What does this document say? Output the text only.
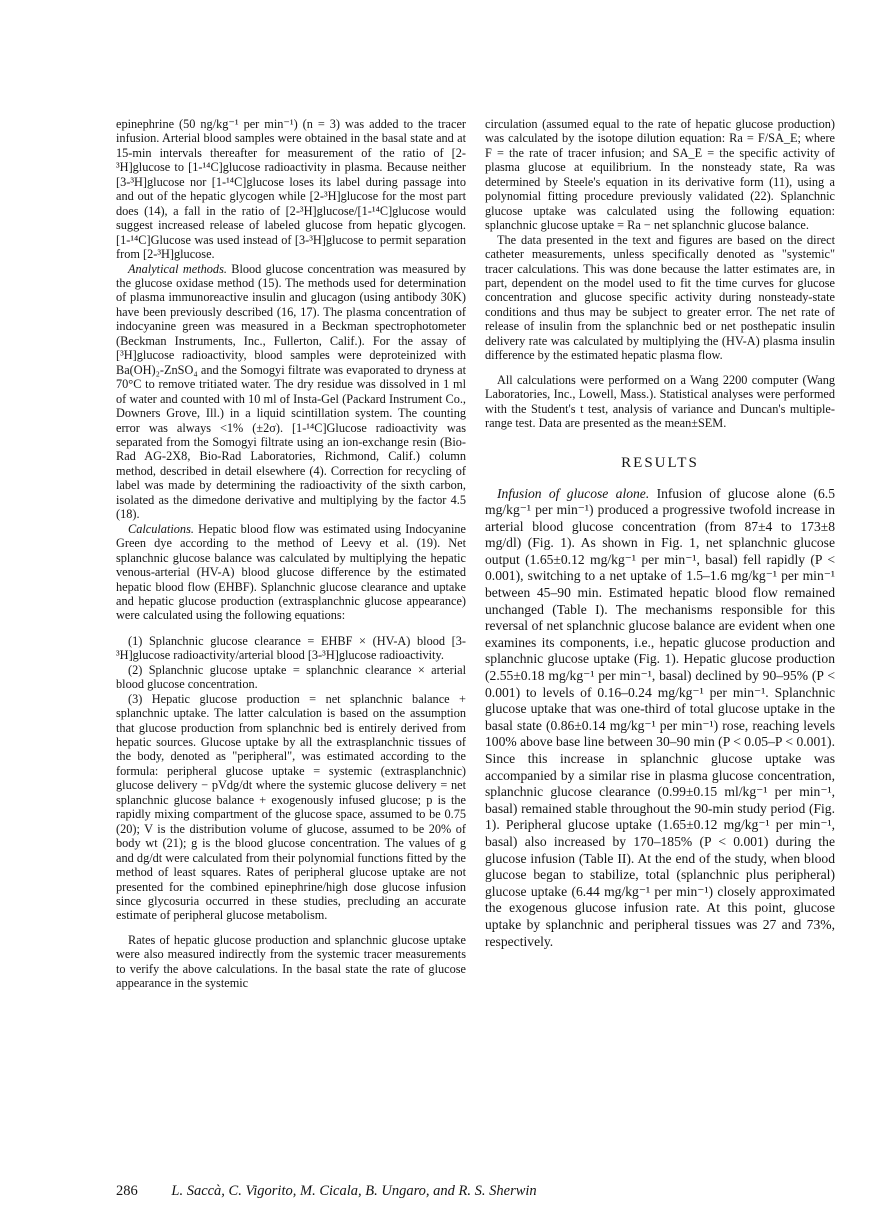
epinephrine (50 ng/kg⁻¹ per min⁻¹) (n = 3) was added to the tracer infusion. Arterial blood samples were obtained in the basal state and at 15-min intervals thereafter for measurement of the ratio of [2-³H]glucose to [1-¹⁴C]glucose radioactivity in plasma. Because neither [3-³H]glucose nor [1-¹⁴C]glucose loses its label during passage into and out of the hepatic glycogen while [2-³H]glucose for the most part does (14), a fall in the ratio of [2-³H]glucose/[1-¹⁴C]glucose would suggest increased release of labeled glucose from hepatic glycogen. [1-¹⁴C]Glucose was used instead of [3-³H]glucose to permit separation from [2-³H]glucose.

Analytical methods. Blood glucose concentration was measured by the glucose oxidase method (15). The methods used for determination of plasma immunoreactive insulin and glucagon (using antibody 30K) have been previously described (16, 17). The plasma concentration of indocyanine green was measured in a Beckman spectrophotometer (Beckman Instruments, Inc., Fullerton, Calif.). For the assay of [³H]glucose radioactivity, blood samples were deproteinized with Ba(OH)₂-ZnSO₄ and the Somogyi filtrate was evaporated to dryness at 70°C to remove tritiated water. The dry residue was dissolved in 1 ml of water and counted with 10 ml of Insta-Gel (Packard Instrument Co., Downers Grove, Ill.) in a liquid scintillation system. The counting error was always <1% (±2σ). [1-¹⁴C]Glucose radioactivity was separated from the Somogyi filtrate using an ion-exchange resin (Bio-Rad AG-2X8, Bio-Rad Laboratories, Richmond, Calif.) column method, described in detail elsewhere (4). Correction for recycling of label was made by determining the radioactivity of the sixth carbon, isolated as the dimedone derivative and multiplying by the factor 4.5 (18).

Calculations. Hepatic blood flow was estimated using Indocyanine Green dye according to the method of Leevy et al. (19). Net splanchnic glucose balance was calculated by multiplying the hepatic venous-arterial (HV-A) blood glucose difference by the estimated hepatic blood flow (EHBF). Splanchnic glucose clearance and uptake and hepatic glucose production (extrasplanchnic glucose appearance) were calculated using the following equations:

(1) Splanchnic glucose clearance = EHBF × (HV-A) blood [3-³H]glucose radioactivity/arterial blood [3-³H]glucose radioactivity.

(2) Splanchnic glucose uptake = splanchnic clearance × arterial blood glucose concentration.

(3) Hepatic glucose production = net splanchnic balance + splanchnic uptake. The latter calculation is based on the assumption that glucose production from splanchnic bed is entirely derived from hepatic sources. Glucose uptake by all the extrasplanchnic tissues of the body, denoted as "peripheral", was estimated according to the formula: peripheral glucose uptake = systemic (extrasplanchnic) glucose delivery − pVdg/dt where the systemic glucose delivery = net splanchnic glucose balance + exogenously infused glucose; p is the rapidly mixing compartment of the glucose space, assumed to be 0.75 (20); V is the distribution volume of glucose, assumed to be 20% of body wt (21); g is the blood glucose concentration. The values of g and dg/dt were calculated from their polynomial functions fitted by the method of least squares. Rates of peripheral glucose uptake are not presented for the combined epinephrine/high dose glucose infusion since glycosuria occurred in these studies, precluding an accurate estimate of peripheral glucose metabolism.

Rates of hepatic glucose production and splanchnic glucose uptake were also measured indirectly from the systemic tracer measurements to verify the above calculations. In the basal state the rate of glucose appearance in the systemic

circulation (assumed equal to the rate of hepatic glucose production) was calculated by the isotope dilution equation: Ra = F/SA_E; where F = the rate of tracer infusion; and SA_E = the specific activity of plasma glucose at equilibrium. In the nonsteady state, Ra was determined by Steele's equation in its derivative form (11), using a polynomial fitting procedure previously validated (22). Splanchnic glucose uptake was calculated using the following equation: splanchnic glucose uptake = Ra − net splanchnic glucose balance.

The data presented in the text and figures are based on the direct catheter measurements, unless specifically denoted as "systemic" tracer calculations. This was done because the latter estimates are, in part, dependent on the model used to fit the time curves for glucose concentration and glucose specific activity during nonsteady-state conditions and thus may be subject to greater error. The net rate of release of insulin from the splanchnic bed or net posthepatic insulin delivery rate was calculated by multiplying the (HV-A) plasma insulin difference by the estimated hepatic plasma flow.

All calculations were performed on a Wang 2200 computer (Wang Laboratories, Inc., Lowell, Mass.). Statistical analyses were performed with the Student's t test, analysis of variance and Duncan's multiple-range test. Data are presented as the mean±SEM.

RESULTS

Infusion of glucose alone. Infusion of glucose alone (6.5 mg/kg⁻¹ per min⁻¹) produced a progressive twofold increase in arterial blood glucose concentration (from 87±4 to 173±8 mg/dl) (Fig. 1). As shown in Fig. 1, net splanchnic glucose output (1.65±0.12 mg/kg⁻¹ per min⁻¹, basal) fell rapidly (P < 0.001), switching to a net uptake of 1.5–1.6 mg/kg⁻¹ per min⁻¹ between 45–90 min. Estimated hepatic blood flow remained unchanged (Table I). The mechanisms responsible for this reversal of net splanchnic glucose balance are evident when one examines its components, i.e., hepatic glucose production and splanchnic glucose uptake (Fig. 1). Hepatic glucose production (2.55±0.18 mg/kg⁻¹ per min⁻¹, basal) declined by 90–95% (P < 0.001) to levels of 0.16–0.24 mg/kg⁻¹ per min⁻¹. Splanchnic glucose uptake that was one-third of total glucose uptake in the basal state (0.86±0.14 mg/kg⁻¹ per min⁻¹) rose, reaching levels 100% above base line between 30–90 min (P < 0.05–P < 0.001). Since this increase in splanchnic glucose uptake was accompanied by a similar rise in plasma glucose concentration, splanchnic glucose clearance (0.99±0.15 ml/kg⁻¹ per min⁻¹, basal) remained stable throughout the 90-min study period (Fig. 1). Peripheral glucose uptake (1.65±0.12 mg/kg⁻¹ per min⁻¹, basal) also increased by 170–185% (P < 0.001) during the glucose infusion (Table II). At the end of the study, when blood glucose began to stabilize, total (splanchnic plus peripheral) glucose uptake (6.44 mg/kg⁻¹ per min⁻¹) closely approximated the exogenous glucose infusion rate. At this point, glucose uptake by splanchnic and peripheral tissues was 27 and 73%, respectively.

286 L. Saccà, C. Vigorito, M. Cicala, B. Ungaro, and R. S. Sherwin
